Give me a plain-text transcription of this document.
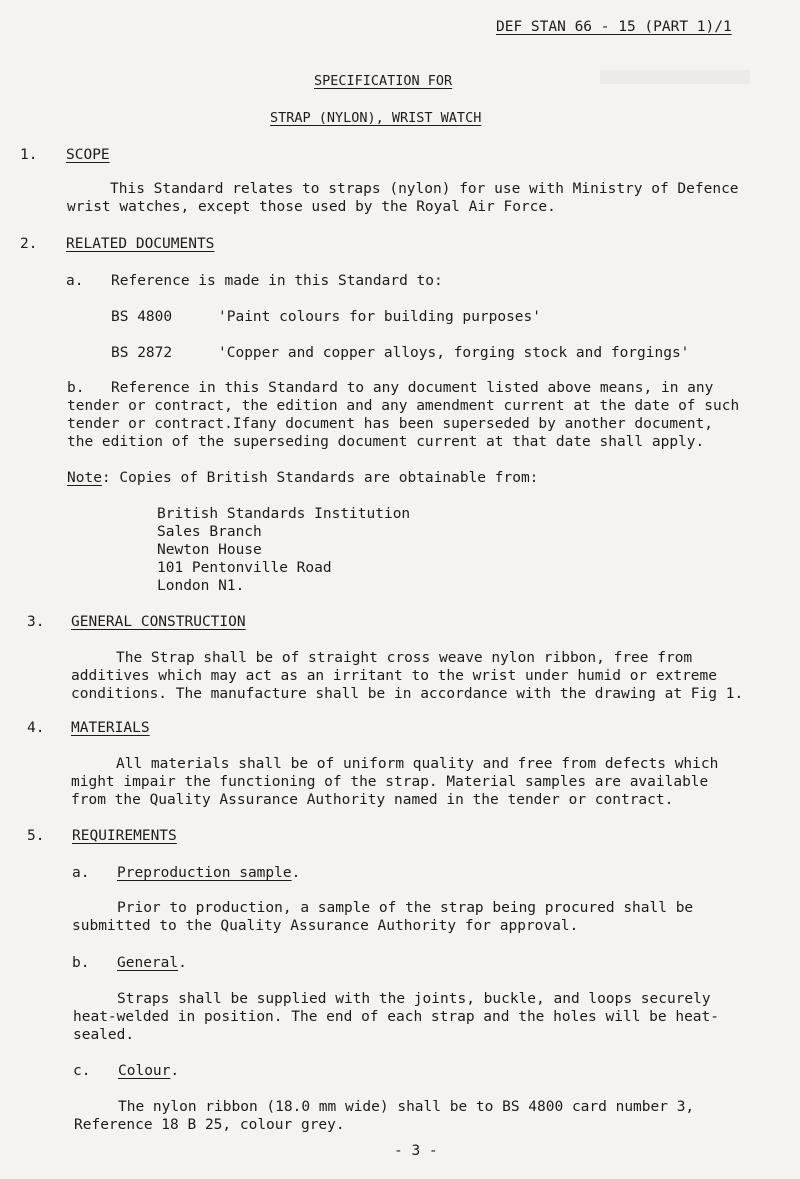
DEF STAN 66 - 15 (PART 1)/1
SPECIFICATION FOR
STRAP (NYLON), WRIST WATCH
1. SCOPE
This Standard relates to straps (nylon) for use with Ministry of Defence
wrist watches, except those used by the Royal Air Force.
2. RELATED DOCUMENTS
a. Reference is made in this Standard to:
BS 4800	'Paint colours for building purposes'
BS 2872	'Copper and copper alloys, forging stock and forgings'
b. Reference in this Standard to any document listed above means, in any
tender or contract, the edition and any amendment current at the date of such
tender or contract.Ifany document has been superseded by another document,
the edition of the superseding document current at that date shall apply.
Note: Copies of British Standards are obtainable from:
British Standards Institution
Sales Branch
Newton House
101 Pentonville Road
London N1.
3. GENERAL CONSTRUCTION
The Strap shall be of straight cross weave nylon ribbon, free from
additives which may act as an irritant to the wrist under humid or extreme
conditions. The manufacture shall be in accordance with the drawing at Fig 1.
4. MATERIALS
All materials shall be of uniform quality and free from defects which
might impair the functioning of the strap. Material samples are available
from the Quality Assurance Authority named in the tender or contract.
5. REQUIREMENTS
a. Preproduction sample.
Prior to production, a sample of the strap being procured shall be
submitted to the Quality Assurance Authority for approval.
b. General.
Straps shall be supplied with the joints, buckle, and loops securely
heat-welded in position. The end of each strap and the holes will be heat-
sealed.
c. Colour.
The nylon ribbon (18.0 mm wide) shall be to BS 4800 card number 3,
Reference 18 B 25, colour grey.
- 3 -
